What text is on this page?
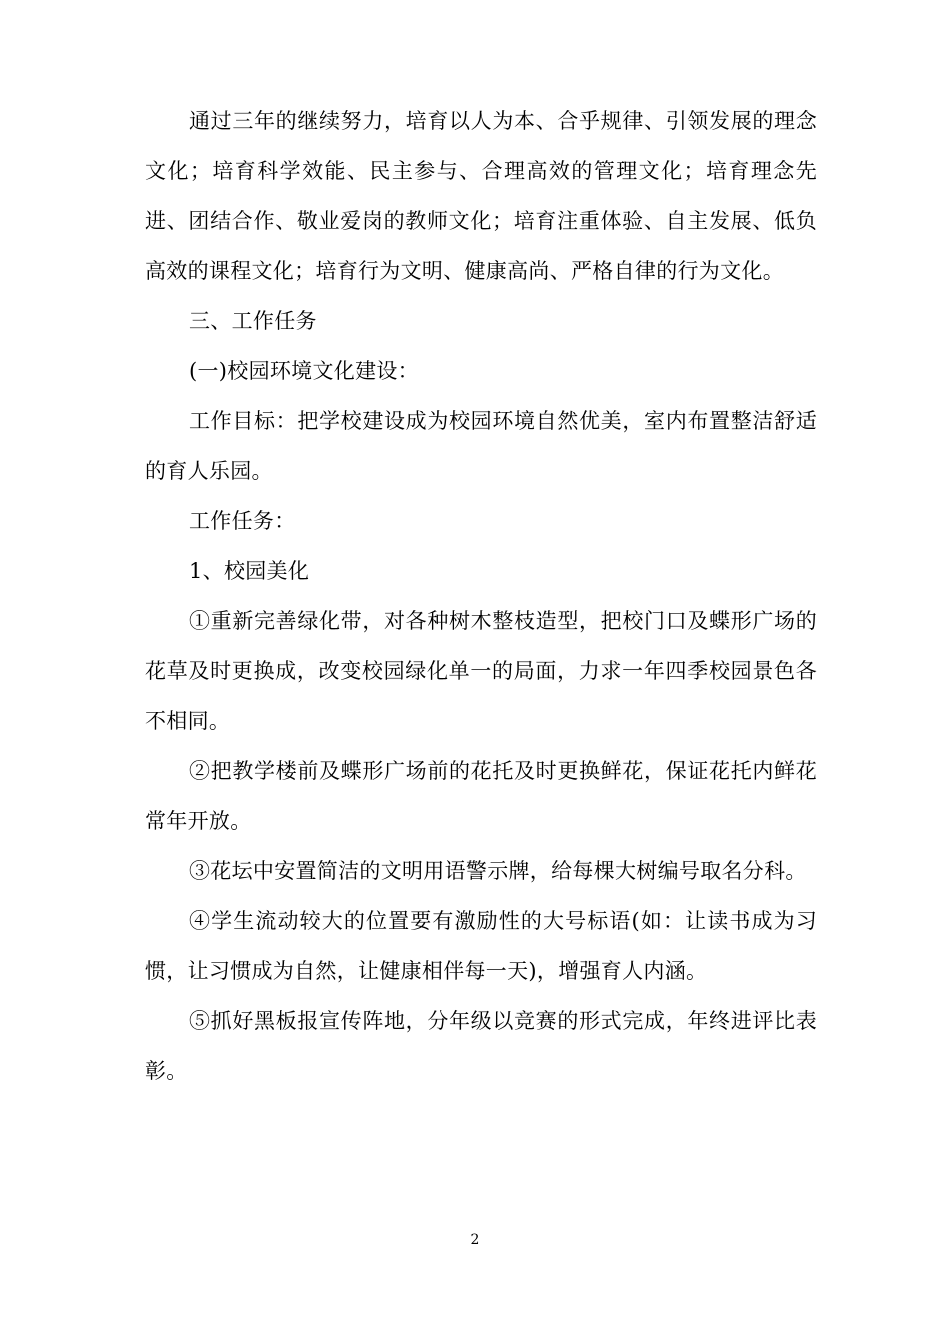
通过三年的继续努力，培育以人为本、合乎规律、引领发展的理念文化；培育科学效能、民主参与、合理高效的管理文化；培育理念先进、团结合作、敬业爱岗的教师文化；培育注重体验、自主发展、低负高效的课程文化；培育行为文明、健康高尚、严格自律的行为文化。

三、工作任务

(一)校园环境文化建设：

工作目标：把学校建设成为校园环境自然优美，室内布置整洁舒适的育人乐园。

工作任务：

1、校园美化

①重新完善绿化带，对各种树木整枝造型，把校门口及蝶形广场的花草及时更换成，改变校园绿化单一的局面，力求一年四季校园景色各不相同。

②把教学楼前及蝶形广场前的花托及时更换鲜花，保证花托内鲜花常年开放。

③花坛中安置简洁的文明用语警示牌，给每棵大树编号取名分科。

④学生流动较大的位置要有激励性的大号标语(如：让读书成为习惯，让习惯成为自然，让健康相伴每一天)，增强育人内涵。

⑤抓好黑板报宣传阵地，分年级以竞赛的形式完成，年终进评比表彰。

2
